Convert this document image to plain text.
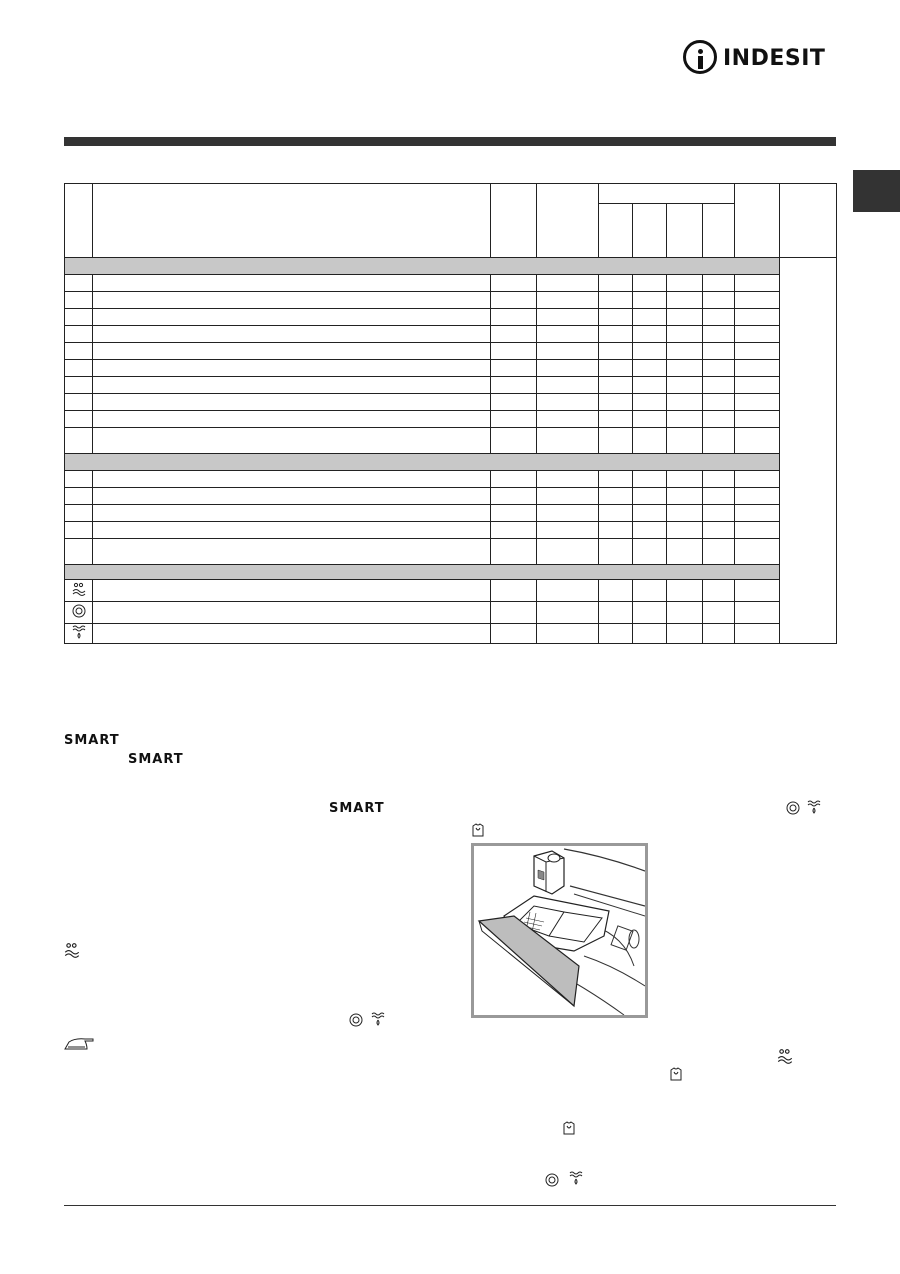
INDESIT

SMART
SMART
SMART
